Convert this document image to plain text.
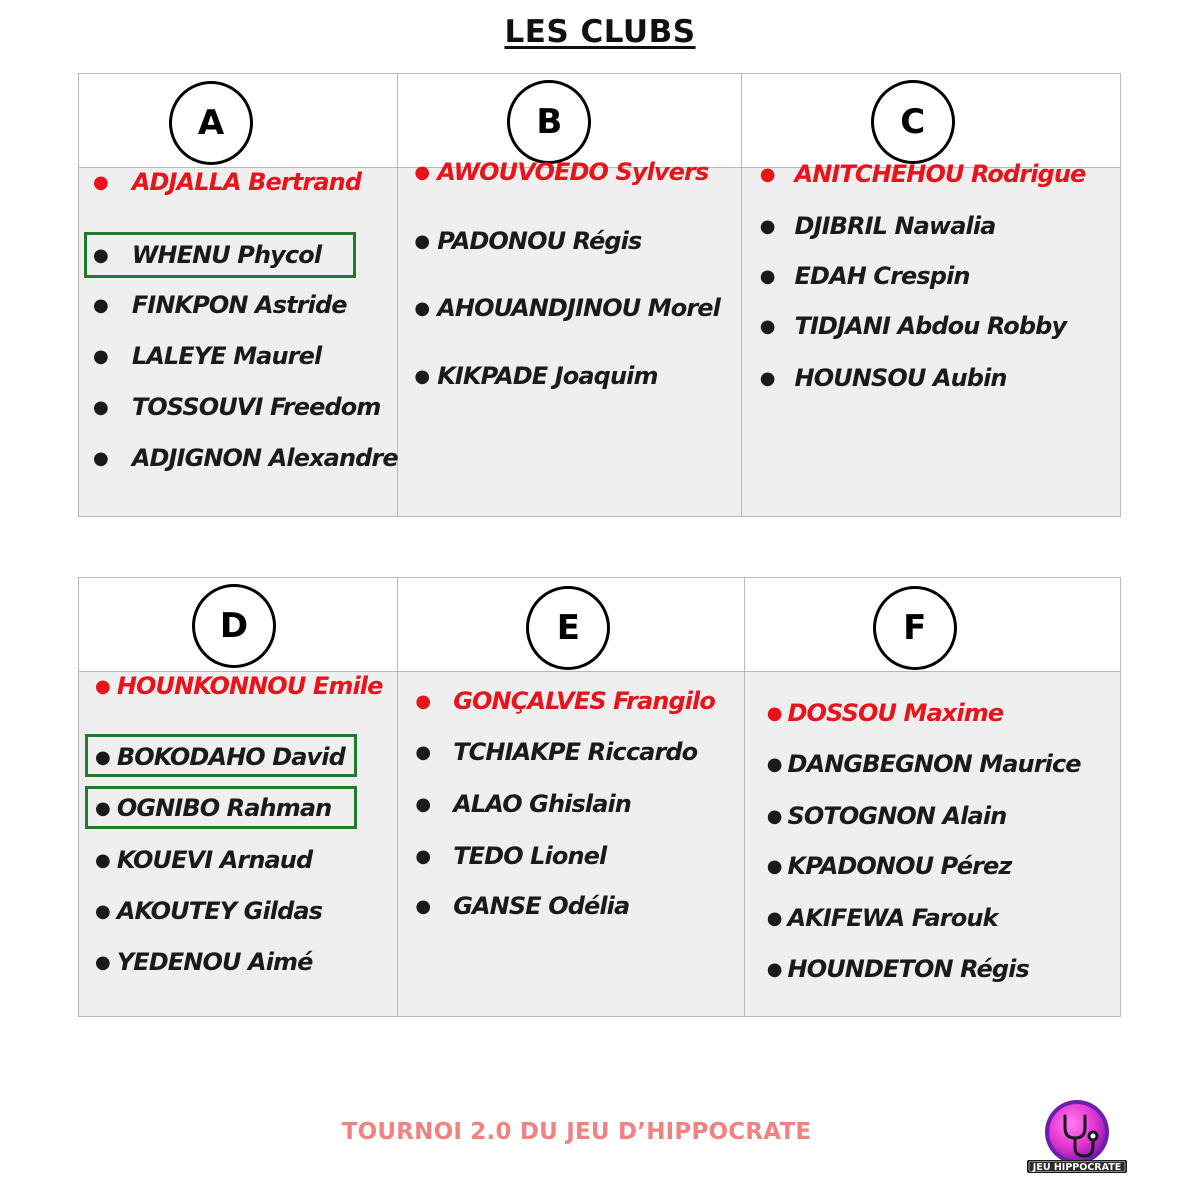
LES CLUBS
A
● ADJALLA Bertrand
● WHENU Phycol
● FINKPON Astride
● LALEYE Maurel
● TOSSOUVI Freedom
● ADJIGNON Alexandre
B
● AWOUVOEDO Sylvers
● PADONOU Régis
● AHOUANDJINOU Morel
● KIKPADE Joaquim
C
● ANITCHEHOU Rodrigue
● DJIBRIL Nawalia
● EDAH Crespin
● TIDJANI Abdou Robby
● HOUNSOU Aubin
D
● HOUNKONNOU Emile
● BOKODAHO David
● OGNIBO Rahman
● KOUEVI Arnaud
● AKOUTEY Gildas
● YEDENOU Aimé
E
● GONÇALVES Frangilo
● TCHIAKPE Riccardo
● ALAO Ghislain
● TEDO Lionel
● GANSE Odélia
F
● DOSSOU Maxime
● DANGBEGNON Maurice
● SOTOGNON Alain
● KPADONOU Pérez
● AKIFEWA Farouk
● HOUNDETON Régis
TOURNOI 2.0 DU JEU D’HIPPOCRATE
JEU HIPPOCRATE
